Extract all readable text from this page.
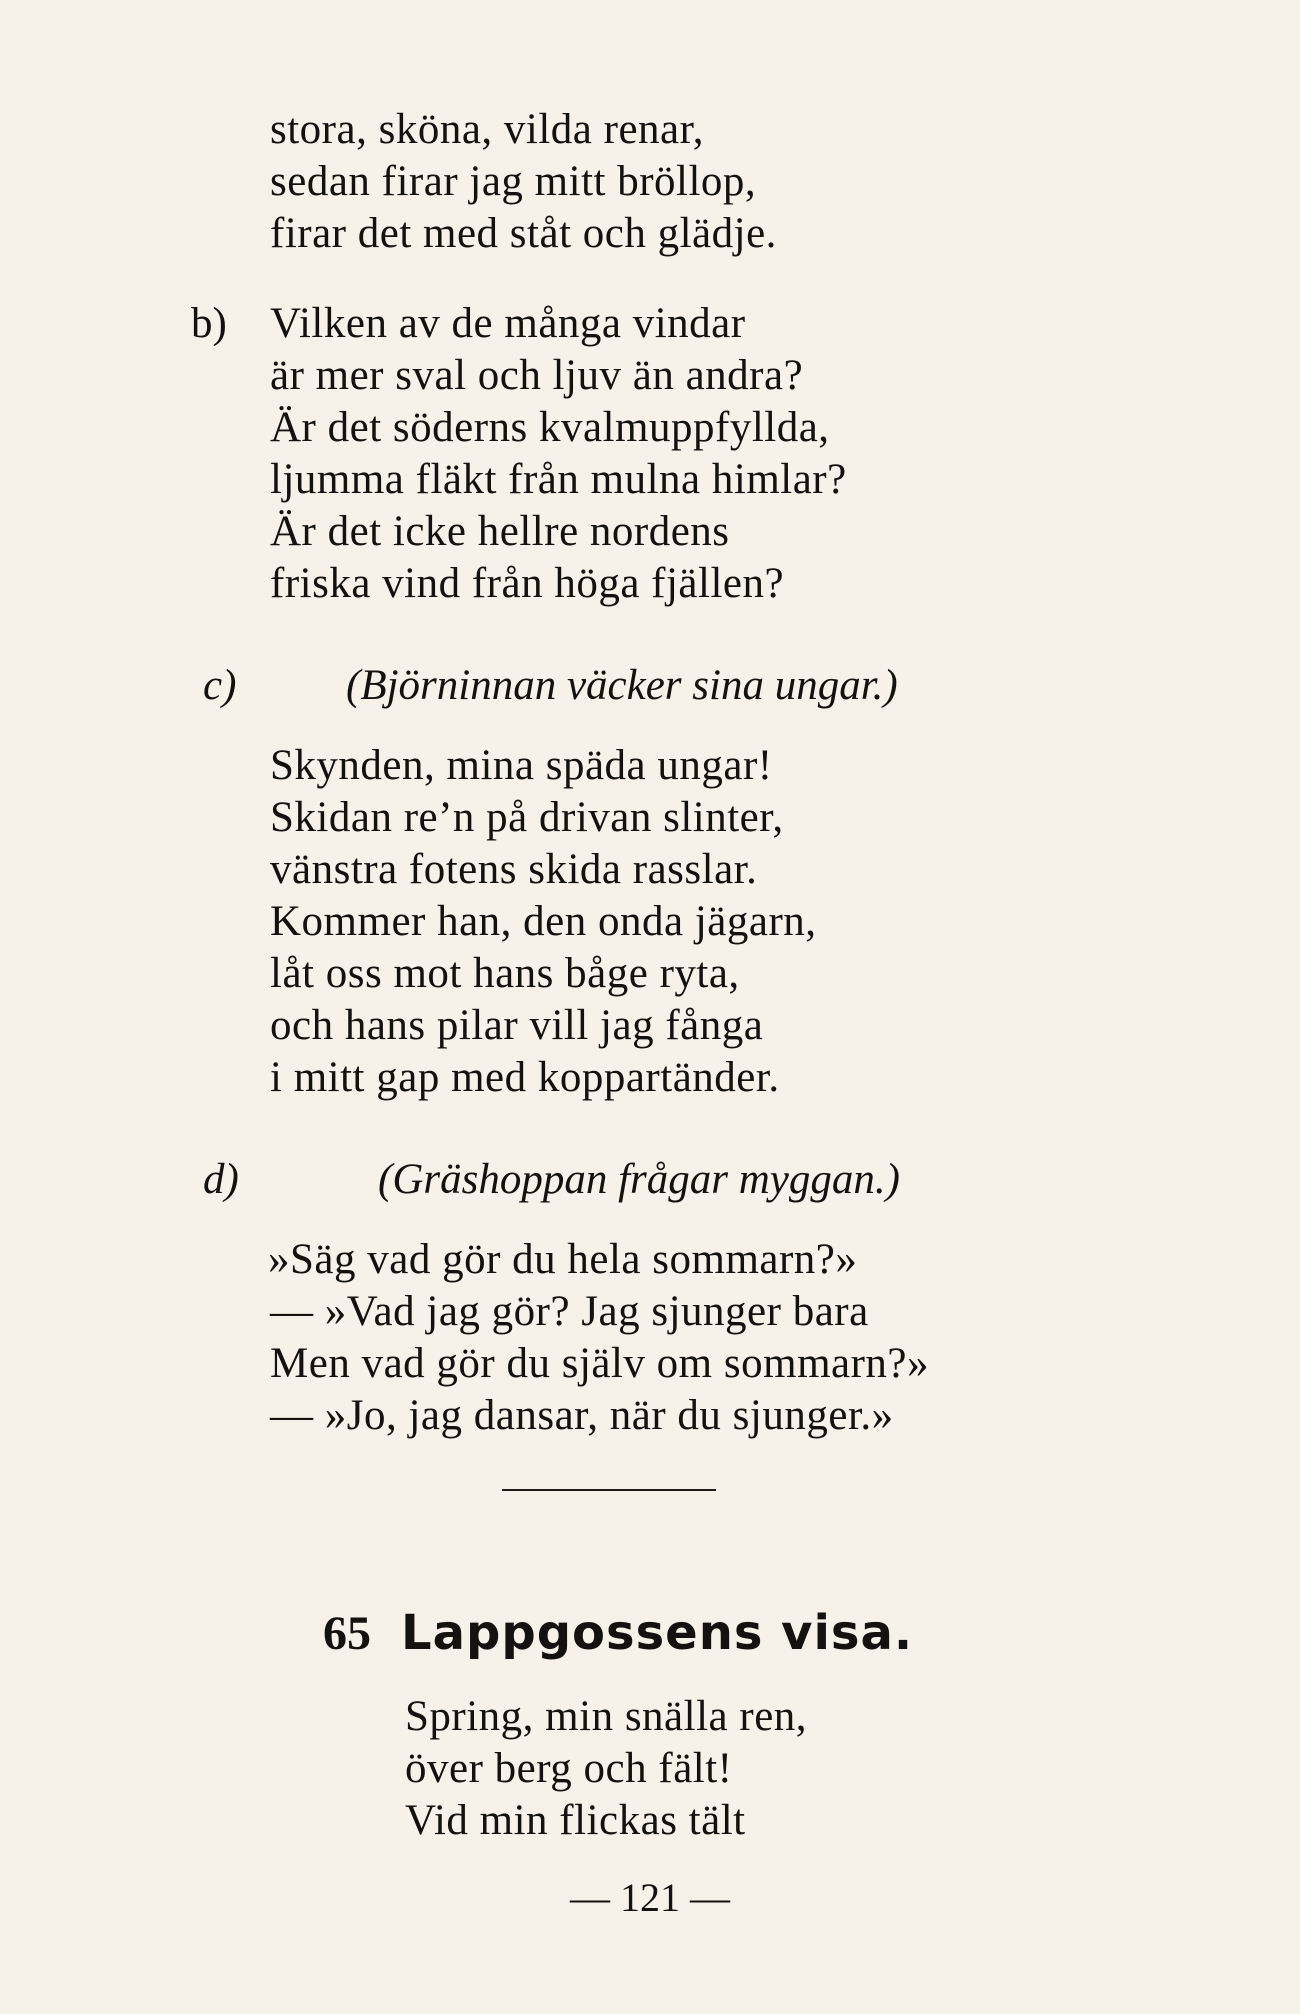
stora, sköna, vilda renar,
sedan firar jag mitt bröllop,
firar det med ståt och glädje.
b) Vilken av de många vindar
är mer sval och ljuv än andra?
Är det söderns kvalmuppfyllda,
ljumma fläkt från mulna himlar?
Är det icke hellre nordens
friska vind från höga fjällen?
c)	(Björninnan väcker sina ungar.)
Skynden, mina späda ungar!
Skidan re’n på drivan slinter,
vänstra fotens skida rasslar.
Kommer han, den onda jägarn,
låt oss mot hans båge ryta,
och hans pilar vill jag fånga
i mitt gap med koppartänder.
d)	(Gräshoppan frågar myggan.)
»Säg vad gör du hela sommarn?»
— »Vad jag gör? Jag sjunger bara
Men vad gör du själv om sommarn?»
— »Jo, jag dansar, när du sjunger.»
65 Lappgossens visa.
Spring, min snälla ren,
över berg och fält!
Vid min flickas tält
— 121 —
